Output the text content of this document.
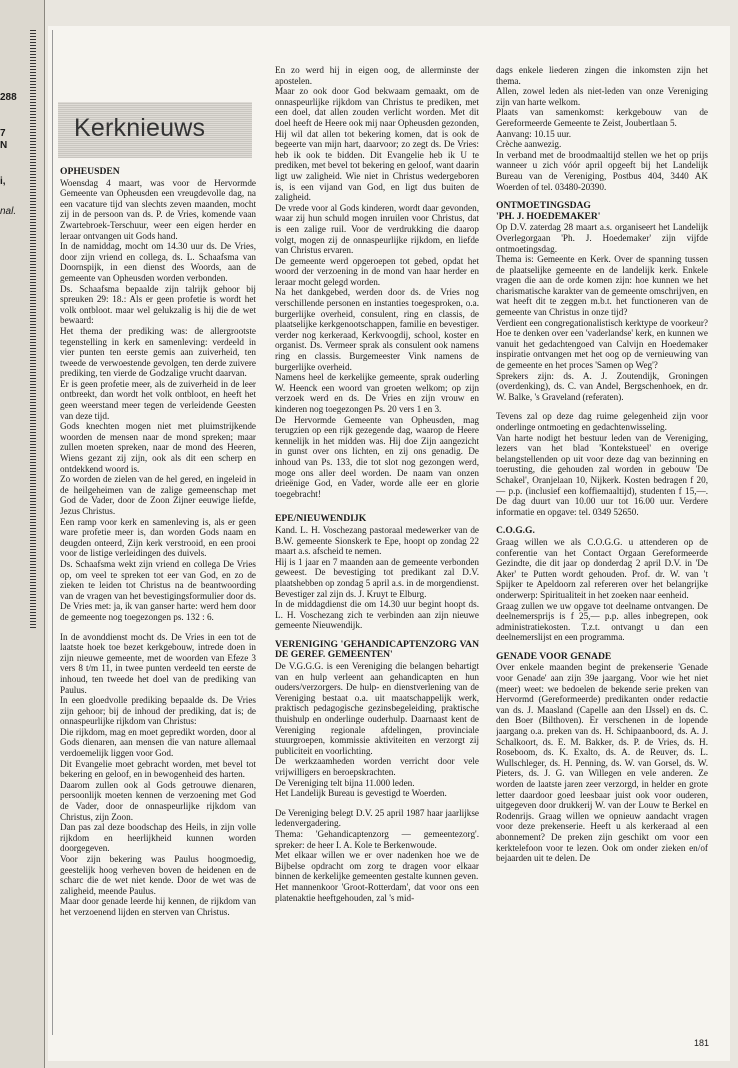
288
7
N
i,
nal.
Kerknieuws
OPHEUSDEN

Woensdag 4 maart, was voor de Hervormde Gemeente van Opheusden een vreugdevolle dag, na een vacature tijd van slechts zeven maanden, mocht zij in de persoon van ds. P. de Vries, komende vaan Zwartebroek-Terschuur, weer een eigen herder en leraar ontvangen uit Gods hand.

In de namiddag, mocht om 14.30 uur ds. De Vries, door zijn vriend en collega, ds. L. Schaafsma van Doornspijk, in een dienst des Woords, aan de gemeente van Opheusden worden verbonden.

Ds. Schaafsma bepaalde zijn talrijk gehoor bij spreuken 29: 18.: Als er geen profetie is wordt het volk ontbloot. maar wel gelukzalig is hij die de wet bewaard:

Het thema der prediking was: de allergrootste tegenstelling in kerk en samenleving: verdeeld in vier punten ten eerste gemis aan zuiverheid, ten tweede de verwoestende gevolgen, ten derde zuivere prediking, ten vierde de Godzalige vrucht daarvan.

Er is geen profetie meer, als de zuiverheid in de leer ontbreekt, dan wordt het volk ontbloot, en heeft het geen weerstand meer tegen de verleidende Geesten van deze tijd.

Gods knechten mogen niet met pluimstrijkende woorden de mensen naar de mond spreken; maar zullen moeten spreken, naar de mond des Heeren, Wiens gezant zij zijn, ook als dit een scherp en ontdekkend woord is.

Zo worden de zielen van de hel gered, en ingeleid in de heilgeheimen van de zalige gemeenschap met God de Vader, door de Zoon Zijner eeuwige liefde, Jezus Christus.

Een ramp voor kerk en samenleving is, als er geen ware profetie meer is, dan worden Gods naam en deugden onteerd, Zijn kerk verstrooid, en een prooi voor de listige verleidingen des duivels.

Ds. Schaafsma wekt zijn vriend en collega De Vries op, om veel te spreken tot eer van God, en zo de zieken te leiden tot Christus na de beantwoording van de vragen van het bevestigingsformulier door ds. De Vries met: ja, ik van ganser harte: werd hem door de gemeente nog toegezongen ps. 132 : 6.

In de avonddienst mocht ds. De Vries in een tot de laatste hoek toe bezet kerkgebouw, intrede doen in zijn nieuwe gemeente, met de woorden van Efeze 3 vers 8 t/m 11, in twee punten verdeeld ten eerste de inhoud, ten tweede het doel van de prediking van Paulus.

In een gloedvolle prediking bepaalde ds. De Vries zijn gehoor; bij de inhoud der prediking, dat is; de onnaspeurlijke rijkdom van Christus:

Die rijkdom, mag en moet gepredikt worden, door al Gods dienaren, aan mensen die van nature allemaal verdoemelijk liggen voor God.

Dit Evangelie moet gebracht worden, met bevel tot bekering en geloof, en in bewogenheid des harten.

Daarom zullen ook al Gods getrouwe dienaren, persoonlijk moeten kennen de verzoening met God de Vader, door de onnaspeurlijke rijkdom van Christus, zijn Zoon.

Dan pas zal deze boodschap des Heils, in zijn volle rijkdom en heerlijkheid kunnen worden doorgegeven.

Voor zijn bekering was Paulus hoogmoedig, geestelijk hoog verheven boven de heidenen en de scharc die de wet niet kende. Door de wet was de zaligheid, meende Paulus.

Maar door genade leerde hij kennen, de rijkdom van het verzoenend lijden en sterven van Christus.

En zo werd hij in eigen oog, de allerminste der apostelen.

Maar zo ook door God bekwaam gemaakt, om de onnaspeurlijke rijkdom van Christus te prediken, met een doel, dat allen zouden verlicht worden. Met dit doel heeft de Heere ook mij naar Opheusden gezonden, Hij wil dat allen tot bekering komen, dat is ook de begeerte van mijn hart, daarvoor; zo zegt ds. De Vries: heb ik ook te bidden. Dit Evangelie heb ik U te prediken, met bevel tot bekering en geloof, want daarin ligt uw zaligheid. Wie niet in Christus wedergeboren is, is een vijand van God, en ligt dus buiten de zaligheid.

De vrede voor al Gods kinderen, wordt daar gevonden, waar zij hun schuld mogen inruilen voor Christus, dat is een zalige ruil. Voor de verdrukking die daarop volgt, mogen zij de onnaspeurlijke rijkdom, en liefde van Christus ervaren.

De gemeente werd opgeroepen tot gebed, opdat het woord der verzoening in de mond van haar herder en leraar mocht gelegd worden.

Na het dankgebed, werden door ds. de Vries nog verschillende personen en instanties toegesproken, o.a. burgerlijke overheid, consulent, ring en classis, de plaatselijke kerkgenootschappen, familie en bevestiger. verder nog kerkeraad, Kerkvoogdij, school, koster en organist. Ds. Vermeer sprak als consulent ook namens ring en classis. Burgemeester Vink namens de burgerlijke overheid.

Namens heel de kerkelijke gemeente, sprak ouderling W. Heenck een woord van groeten welkom; op zijn verzoek werd en ds. De Vries en zijn vrouw en kinderen nog toegezongen Ps. 20 vers 1 en 3.

De Hervormde Gemeente van Opheusden, mag terugzien op een rijk gezegende dag, waarop de Heere kennelijk in het midden was. Hij doe Zijn aangezicht in gunst over ons lichten, en zij ons genadig. De inhoud van Ps. 133, die tot slot nog gezongen werd, moge ons aller deel worden. De naam van onzen drieënige God, en Vader, worde alle eer en glorie toegebracht!

EPE/NIEUWENDIJK

Kand. L. H. Voschezang pastoraal medewerker van de B.W. gemeente Sionskerk te Epe, hoopt op zondag 22 maart a.s. afscheid te nemen.

Hij is 1 jaar en 7 maanden aan de gemeente verbonden geweest. De bevestiging tot predikant zal D.V. plaatshebben op zondag 5 april a.s. in de morgendienst. Bevestiger zal zijn ds. J. Kruyt te Elburg.

In de middagdienst die om 14.30 uur begint hoopt ds. L. H. Voschezang zich te verbinden aan zijn nieuwe gemeente Nieuwendijk.

VERENIGING 'GEHANDICAPTENZORG VAN DE GEREF. GEMEENTEN'

De V.G.G.G. is een Vereniging die belangen behartigt van en hulp verleent aan gehandicapten en hun ouders/verzorgers. De hulp- en dienstverlening van de Vereniging bestaat o.a. uit maatschappelijk werk, praktisch pedagogische gezinsbegeleiding, praktische thuishulp en onderlinge ouderhulp. Daarnaast kent de Vereniging regionale afdelingen, provinciale stuurgroepen, kommissie aktiviteiten en verzorgt zij publiciteit en voorlichting.

De werkzaamheden worden verricht door vele vrijwilligers en beroepskrachten.

De Vereniging telt bijna 11.000 leden.

Het Landelijk Bureau is gevestigd te Woerden.

De Vereniging belegt D.V. 25 april 1987 haar jaarlijkse ledenvergadering.

Thema: 'Gehandicaptenzorg — gemeentezorg'. spreker: de heer I. A. Kole te Berkenwoude.

Met elkaar willen we er over nadenken hoe we de Bijbelse opdracht om zorg te dragen voor elkaar binnen de kerkelijke gemeenten gestalte kunnen geven.

Het mannenkoor 'Groot-Rotterdam', dat voor ons een platenaktie heeftgehouden, zal 's mid-

dags enkele liederen zingen die inkomsten zijn het thema.

Allen, zowel leden als niet-leden van onze Vereniging zijn van harte welkom.

Plaats van samenkomst: kerkgebouw van de Gereformeerde Gemeente te Zeist, Joubertlaan 5.

Aanvang: 10.15 uur.

Crèche aanwezig.

In verband met de broodmaaltijd stellen we het op prijs wanneer u zich vóór april opgeeft bij het Landelijk Bureau van de Vereniging, Postbus 404, 3440 AK Woerden of tel. 03480-20390.

ONTMOETINGSDAG
'PH. J. HOEDEMAKER'

Op D.V. zaterdag 28 maart a.s. organiseert het Landelijk Overlegorgaan 'Ph. J. Hoedemaker' zijn vijfde ontmoetingsdag.

Thema is: Gemeente en Kerk. Over de spanning tussen de plaatselijke gemeente en de landelijk kerk. Enkele vragen die aan de orde komen zijn: hoe kunnen we het charismatische karakter van de gemeente omschrijven, en wat heeft dit te zeggen m.b.t. het functioneren van de gemeente van Christus in onze tijd?

Verdient een congregationalistisch kerktype de voorkeur? Hoe te denken over een 'vaderlandse' kerk, en kunnen we vanuit het gedachtengoed van Calvijn en Hoedemaker inspiratie ontvangen met het oog op de vernieuwing van de gemeente en het proces 'Samen op Weg'?

Sprekers zijn: ds. A. J. Zoutendijk, Groningen (overdenking), ds. C. van Andel, Bergschenhoek, en dr. W. Balke, 's Graveland (referaten).

Tevens zal op deze dag ruime gelegenheid zijn voor onderlinge ontmoeting en gedachtenwisseling.

Van harte nodigt het bestuur leden van de Vereniging, lezers van het blad 'Kontekstueel' en overige belangstellenden op uit voor deze dag van bezinning en toerusting, die gehouden zal worden in gebouw 'De Schakel', Oranjelaan 10, Nijkerk. Kosten bedragen f 20,— p.p. (inclusief een koffiemaaltijd), studenten f 15,—. De dag duurt van 10.00 uur tot 16.00 uur. Verdere informatie en opgave: tel. 0349 52650.

C.O.G.G.

Graag willen we als C.O.G.G. u attenderen op de conferentie van het Contact Orgaan Gereformeerde Gezindte, die dit jaar op donderdag 2 april D.V. in 'De Aker' te Putten wordt gehouden. Prof. dr. W. van 't Spijker te Apeldoorn zal refereren over het belangrijke onderwerp: Spiritualiteit in het zoeken naar eenheid.

Graag zullen we uw opgave tot deelname ontvangen. De deelnemersprijs is f 25,— p.p. alles inbegrepen, ook administratiekosten. T.z.t. ontvangt u dan een deelnemerslijst en een programma.

GENADE VOOR GENADE

Over enkele maanden begint de prekenserie 'Genade voor Genade' aan zijn 39e jaargang. Voor wie het niet (meer) weet: we bedoelen de bekende serie preken van Hervormd (Gereformeerde) predikanten onder redactie van ds. J. Maasland (Capelle aan den IJssel) en ds. C. den Boer (Bilthoven). Er verschenen in de lopende jaargang o.a. preken van ds. H. Schipaanboord, ds. A. J. Schalkoort, ds. E. M. Bakker, ds. P. de Vries, ds. H. Roseboom, ds. K. Exalto, ds. A. de Reuver, ds. L. Wullschleger, ds. H. Penning, ds. W. van Gorsel, ds. W. Pieters, ds. J. G. van Willegen en vele anderen. Ze worden de laatste jaren zeer verzorgd, in helder en grote letter daardoor goed leesbaar juist ook voor ouderen, uitgegeven door drukkerij W. van der Louw te Berkel en Rodenrijs. Graag willen we opnieuw aandacht vragen voor deze prekenserie. Heeft u als kerkeraad al een abonnement? De preken zijn geschikt om voor een kerktelefoon voor te lezen. Ook om onder zieken en/of bejaarden uit te delen. De

181
